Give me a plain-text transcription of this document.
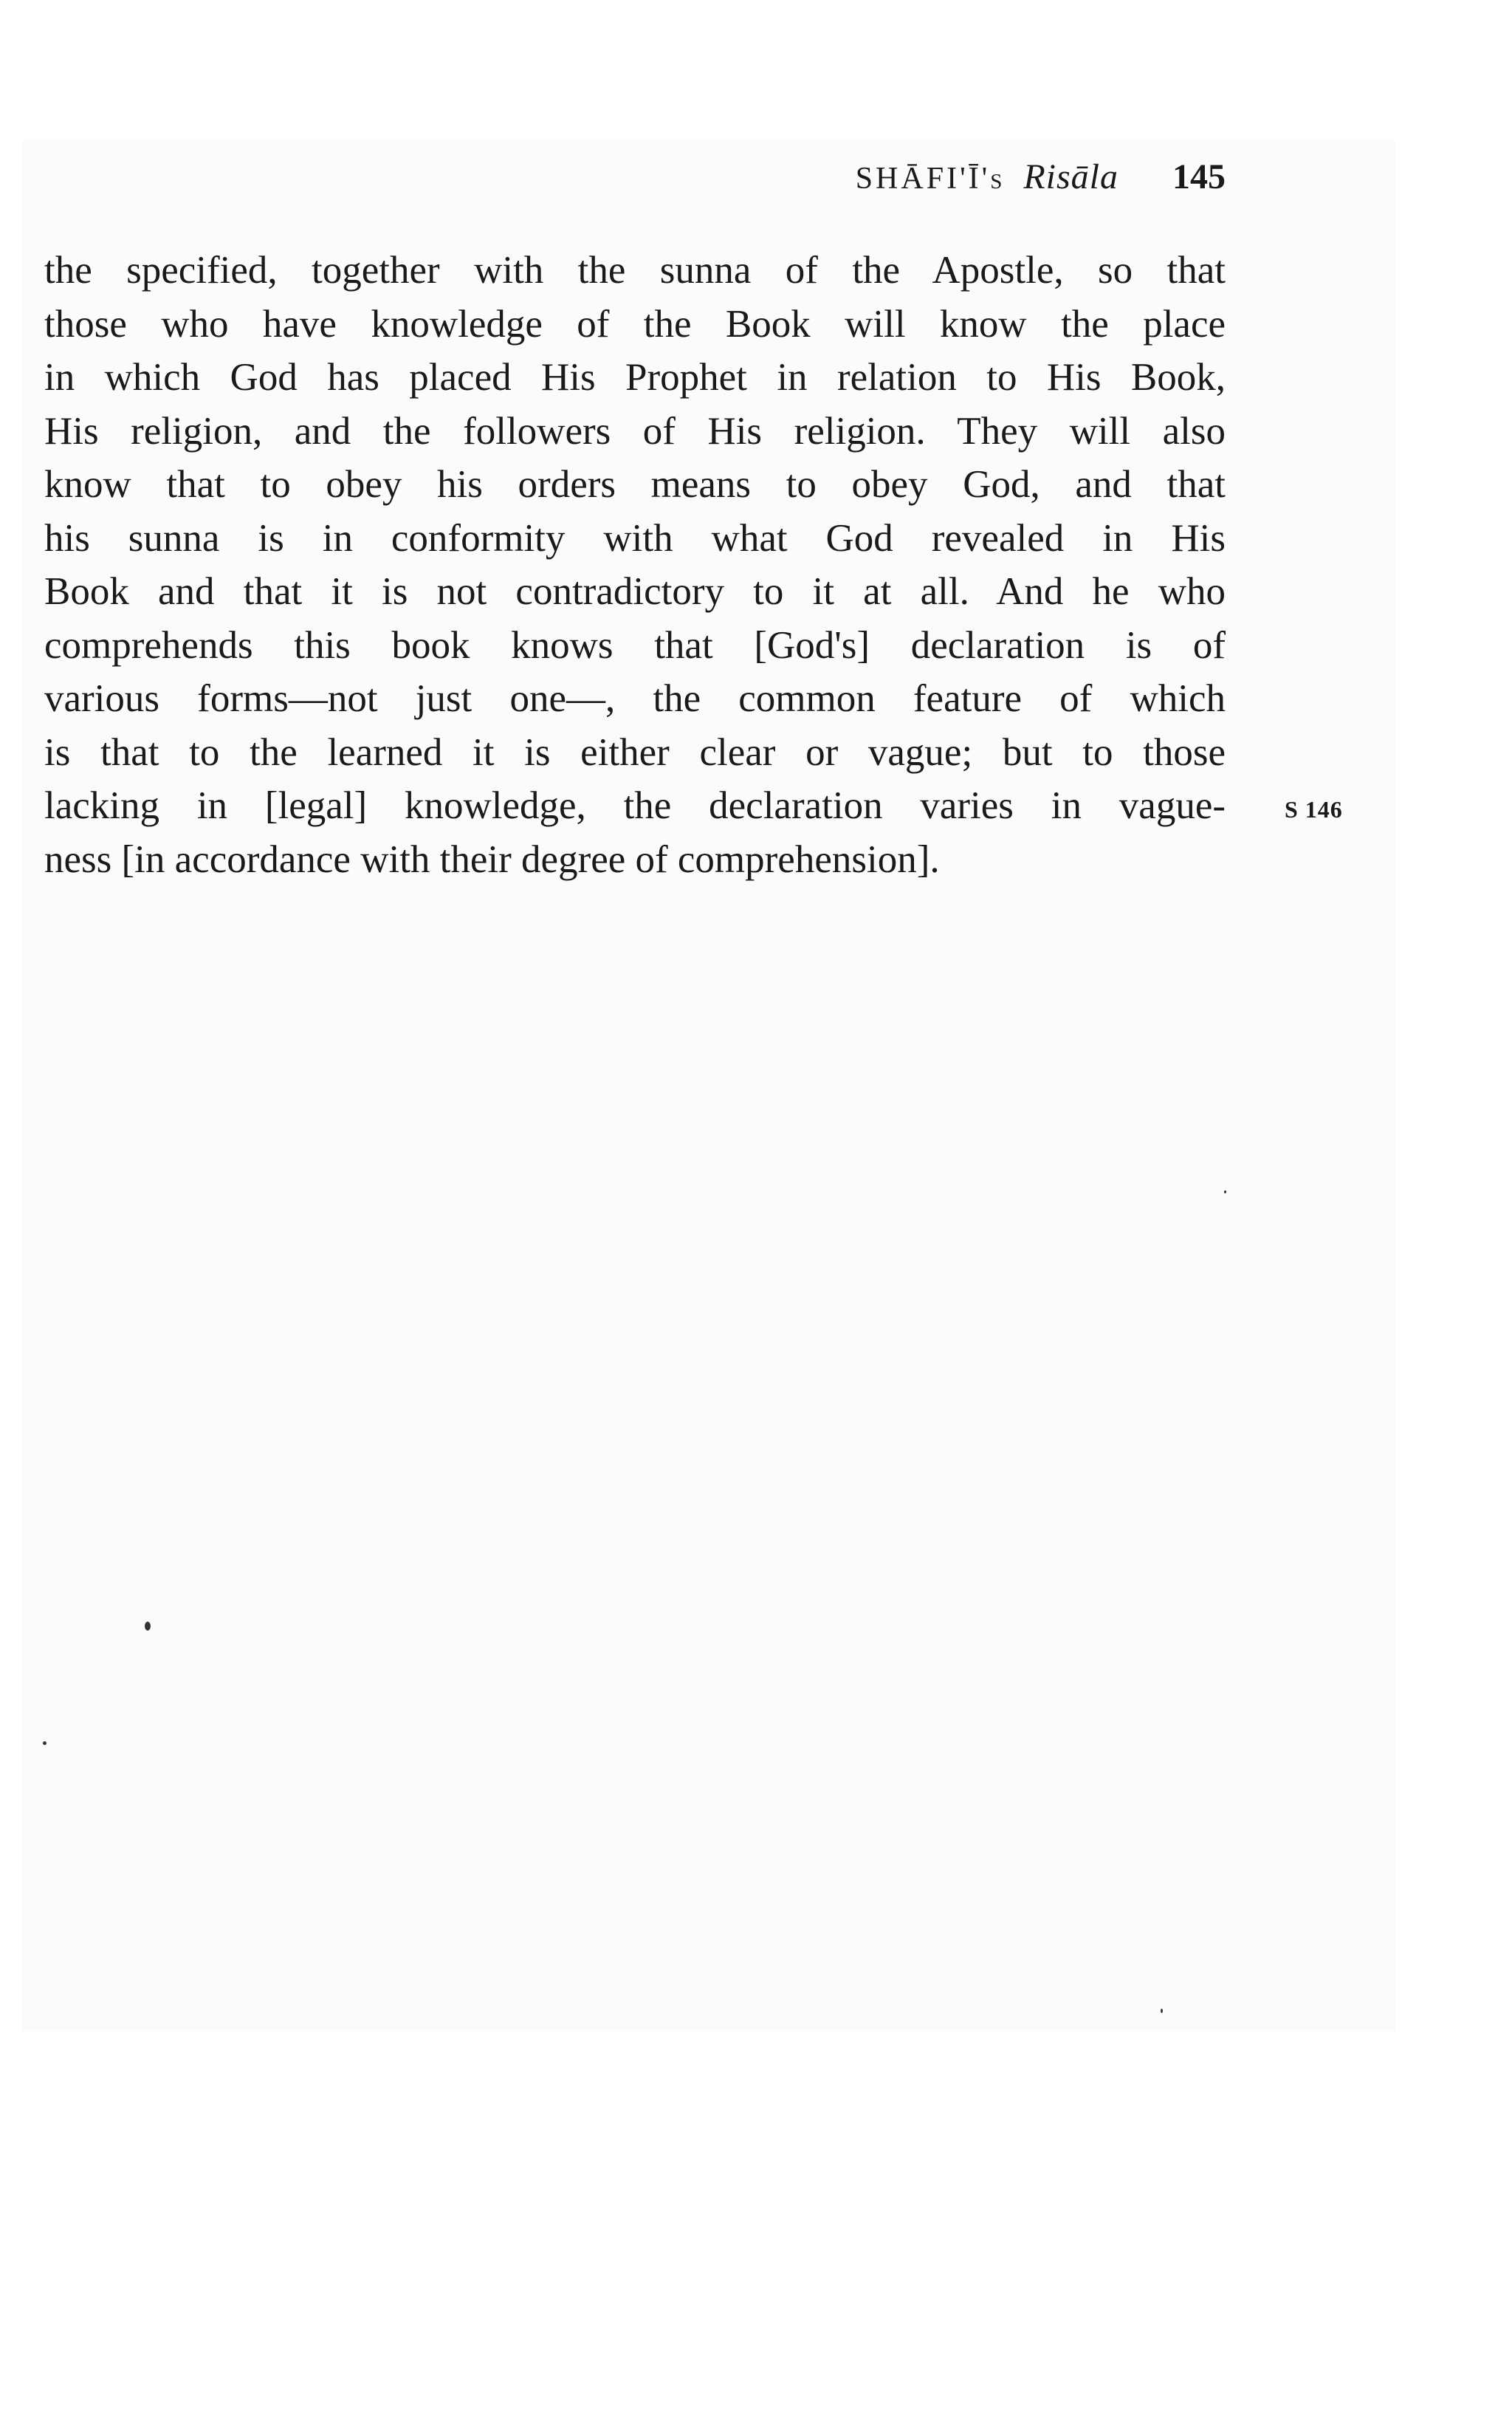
SHĀFI'Ī's Risāla 145
the specified, together with the sunna of the Apostle, so that
those who have knowledge of the Book will know the place
in which God has placed His Prophet in relation to His Book,
His religion, and the followers of His religion. They will also
know that to obey his orders means to obey God, and that
his sunna is in conformity with what God revealed in His
Book and that it is not contradictory to it at all. And he who
comprehends this book knows that [God's] declaration is of
various forms—not just one—, the common feature of which
is that to the learned it is either clear or vague; but to those
lacking in [legal] knowledge, the declaration varies in vague-
ness [in accordance with their degree of comprehension].
S 146
